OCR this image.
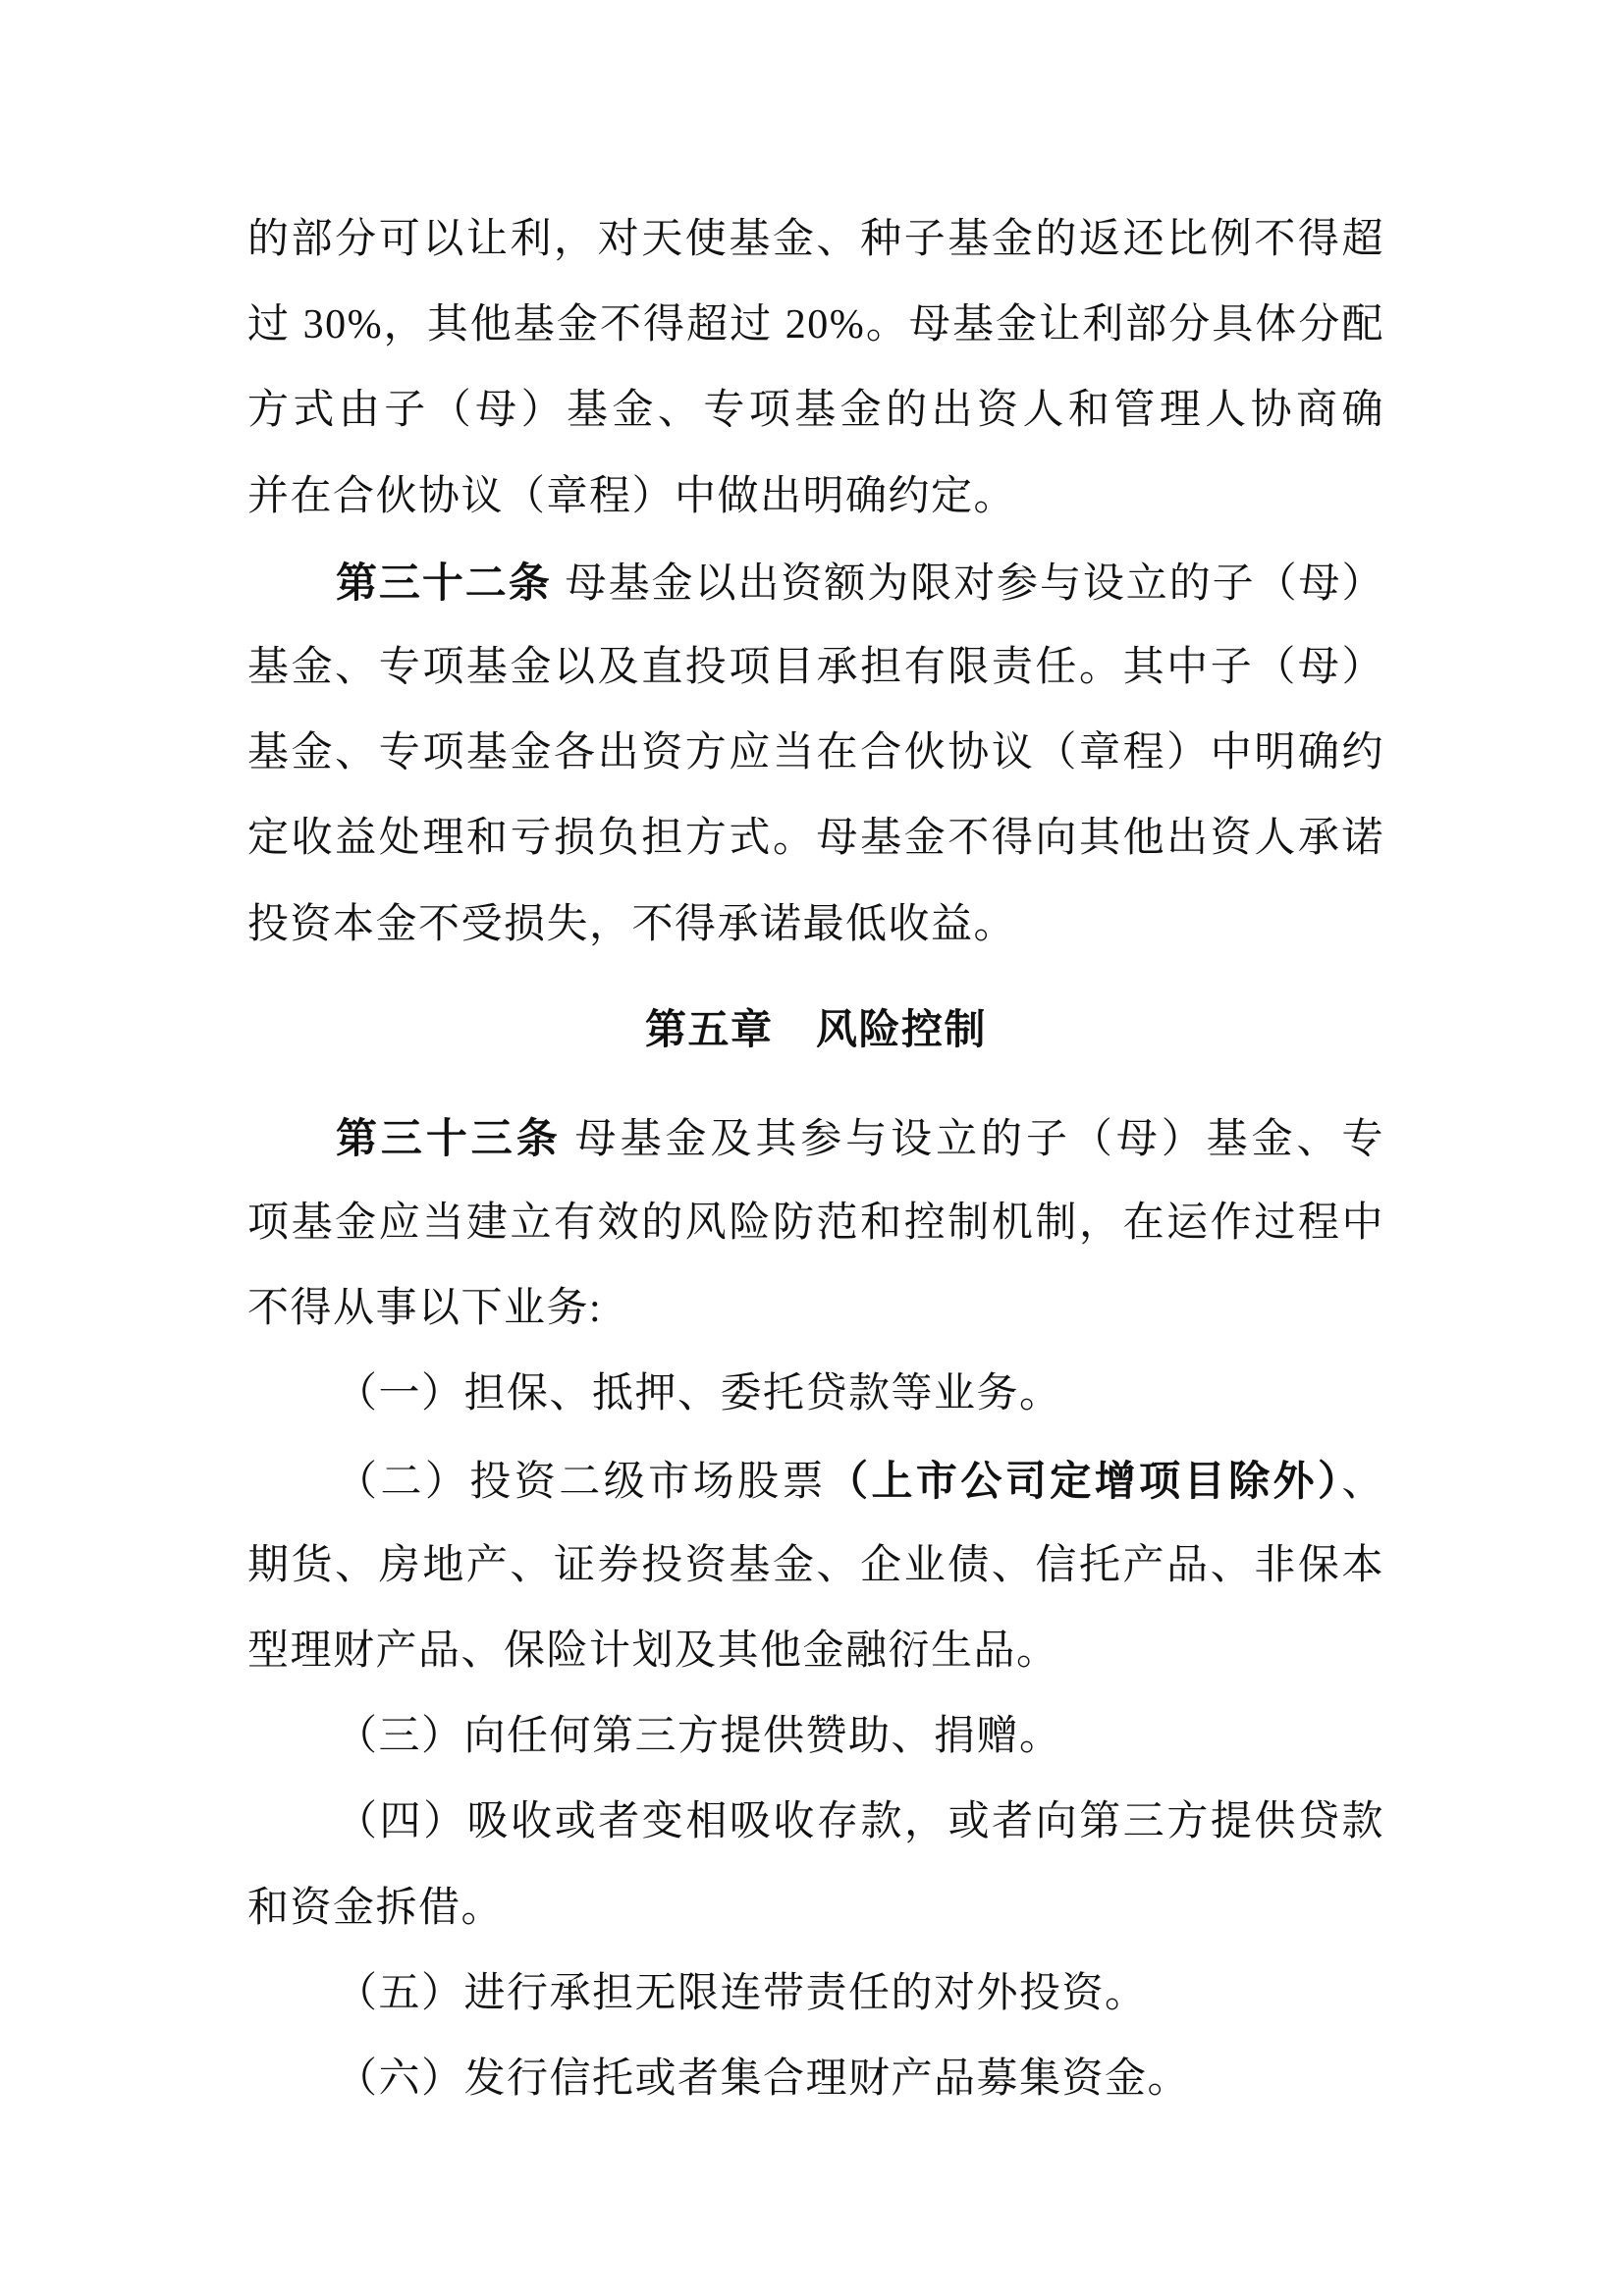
的部分可以让利，对天使基金、种子基金的返还比例不得超
过 30%，其他基金不得超过 20%。母基金让利部分具体分配
方式由子（母）基金、专项基金的出资人和管理人协商确
并在合伙协议（章程）中做出明确约定。
第三十二条 母基金以出资额为限对参与设立的子（母）
基金、专项基金以及直投项目承担有限责任。其中子（母）
基金、专项基金各出资方应当在合伙协议（章程）中明确约
定收益处理和亏损负担方式。母基金不得向其他出资人承诺
投资本金不受损失，不得承诺最低收益。
第五章　风险控制
第三十三条 母基金及其参与设立的子（母）基金、专
项基金应当建立有效的风险防范和控制机制，在运作过程中
不得从事以下业务:
（一）担保、抵押、委托贷款等业务。
（二）投资二级市场股票（上市公司定增项目除外）、
期货、房地产、证券投资基金、企业债、信托产品、非保本
型理财产品、保险计划及其他金融衍生品。
（三）向任何第三方提供赞助、捐赠。
（四）吸收或者变相吸收存款，或者向第三方提供贷款
和资金拆借。
（五）进行承担无限连带责任的对外投资。
（六）发行信托或者集合理财产品募集资金。
